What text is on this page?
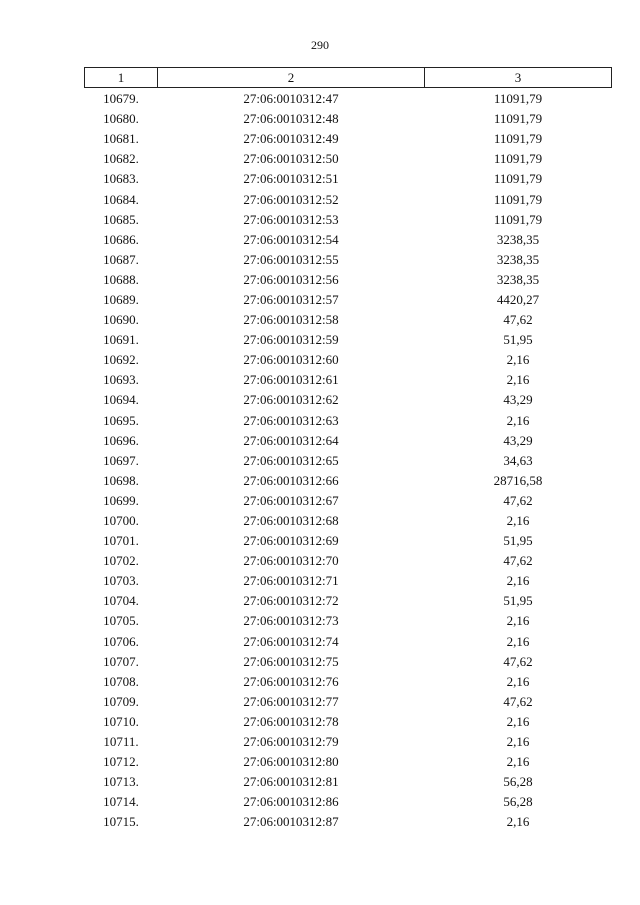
290
1	2	3
10679.	27:06:0010312:47	11091,79
10680.	27:06:0010312:48	11091,79
10681.	27:06:0010312:49	11091,79
10682.	27:06:0010312:50	11091,79
10683.	27:06:0010312:51	11091,79
10684.	27:06:0010312:52	11091,79
10685.	27:06:0010312:53	11091,79
10686.	27:06:0010312:54	3238,35
10687.	27:06:0010312:55	3238,35
10688.	27:06:0010312:56	3238,35
10689.	27:06:0010312:57	4420,27
10690.	27:06:0010312:58	47,62
10691.	27:06:0010312:59	51,95
10692.	27:06:0010312:60	2,16
10693.	27:06:0010312:61	2,16
10694.	27:06:0010312:62	43,29
10695.	27:06:0010312:63	2,16
10696.	27:06:0010312:64	43,29
10697.	27:06:0010312:65	34,63
10698.	27:06:0010312:66	28716,58
10699.	27:06:0010312:67	47,62
10700.	27:06:0010312:68	2,16
10701.	27:06:0010312:69	51,95
10702.	27:06:0010312:70	47,62
10703.	27:06:0010312:71	2,16
10704.	27:06:0010312:72	51,95
10705.	27:06:0010312:73	2,16
10706.	27:06:0010312:74	2,16
10707.	27:06:0010312:75	47,62
10708.	27:06:0010312:76	2,16
10709.	27:06:0010312:77	47,62
10710.	27:06:0010312:78	2,16
10711.	27:06:0010312:79	2,16
10712.	27:06:0010312:80	2,16
10713.	27:06:0010312:81	56,28
10714.	27:06:0010312:86	56,28
10715.	27:06:0010312:87	2,16
